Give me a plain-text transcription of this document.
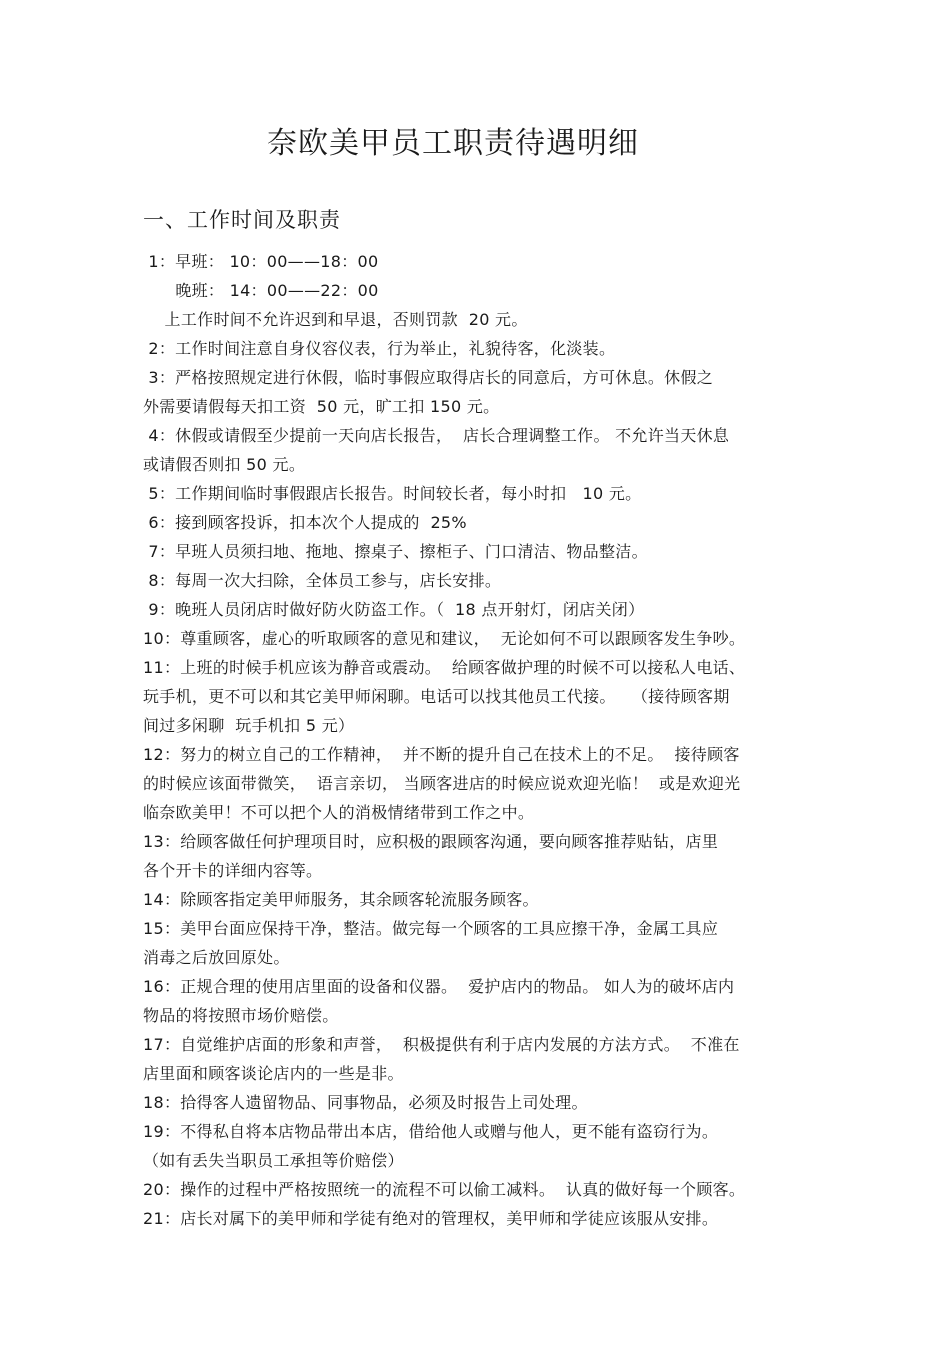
奈欧美甲员工职责待遇明细
一、工作时间及职责
1：早班： 10：00——18：00
晚班： 14：00——22：00
上工作时间不允许迟到和早退，否则罚款  20 元。
2：工作时间注意自身仪容仪表，行为举止，礼貌待客，化淡装。
3：严格按照规定进行休假，临时事假应取得店长的同意后，方可休息。休假之
外需要请假每天扣工资  50 元，旷工扣 150 元。
4：休假或请假至少提前一天向店长报告，  店长合理调整工作。 不允许当天休息
或请假否则扣 50 元。
5：工作期间临时事假跟店长报告。时间较长者，每小时扣   10 元。
6：接到顾客投诉，扣本次个人提成的  25%
7：早班人员须扫地、拖地、擦桌子、擦柜子、门口清洁、物品整洁。
8：每周一次大扫除，全体员工参与，店长安排。
9：晚班人员闭店时做好防火防盗工作。（  18 点开射灯，闭店关闭）
10：尊重顾客，虚心的听取顾客的意见和建议，  无论如何不可以跟顾客发生争吵。
11：上班的时候手机应该为静音或震动。  给顾客做护理的时候不可以接私人电话、
玩手机，更不可以和其它美甲师闲聊。电话可以找其他员工代接。   （接待顾客期
间过多闲聊  玩手机扣 5 元）
12：努力的树立自己的工作精神，  并不断的提升自己在技术上的不足。  接待顾客
的时候应该面带微笑，  语言亲切， 当顾客进店的时候应说欢迎光临！  或是欢迎光
临奈欧美甲！不可以把个人的消极情绪带到工作之中。
13：给顾客做任何护理项目时，应积极的跟顾客沟通，要向顾客推荐贴钻，店里
各个开卡的详细内容等。
14：除顾客指定美甲师服务，其余顾客轮流服务顾客。
15：美甲台面应保持干净，整洁。做完每一个顾客的工具应擦干净，金属工具应
消毒之后放回原处。
16：正规合理的使用店里面的设备和仪器。  爱护店内的物品。 如人为的破坏店内
物品的将按照市场价赔偿。
17：自觉维护店面的形象和声誉，  积极提供有利于店内发展的方法方式。  不准在
店里面和顾客谈论店内的一些是非。
18：拾得客人遗留物品、同事物品，必须及时报告上司处理。
19：不得私自将本店物品带出本店，借给他人或赠与他人，更不能有盗窃行为。
（如有丢失当职员工承担等价赔偿）
20：操作的过程中严格按照统一的流程不可以偷工减料。  认真的做好每一个顾客。
21：店长对属下的美甲师和学徒有绝对的管理权，美甲师和学徒应该服从安排。
